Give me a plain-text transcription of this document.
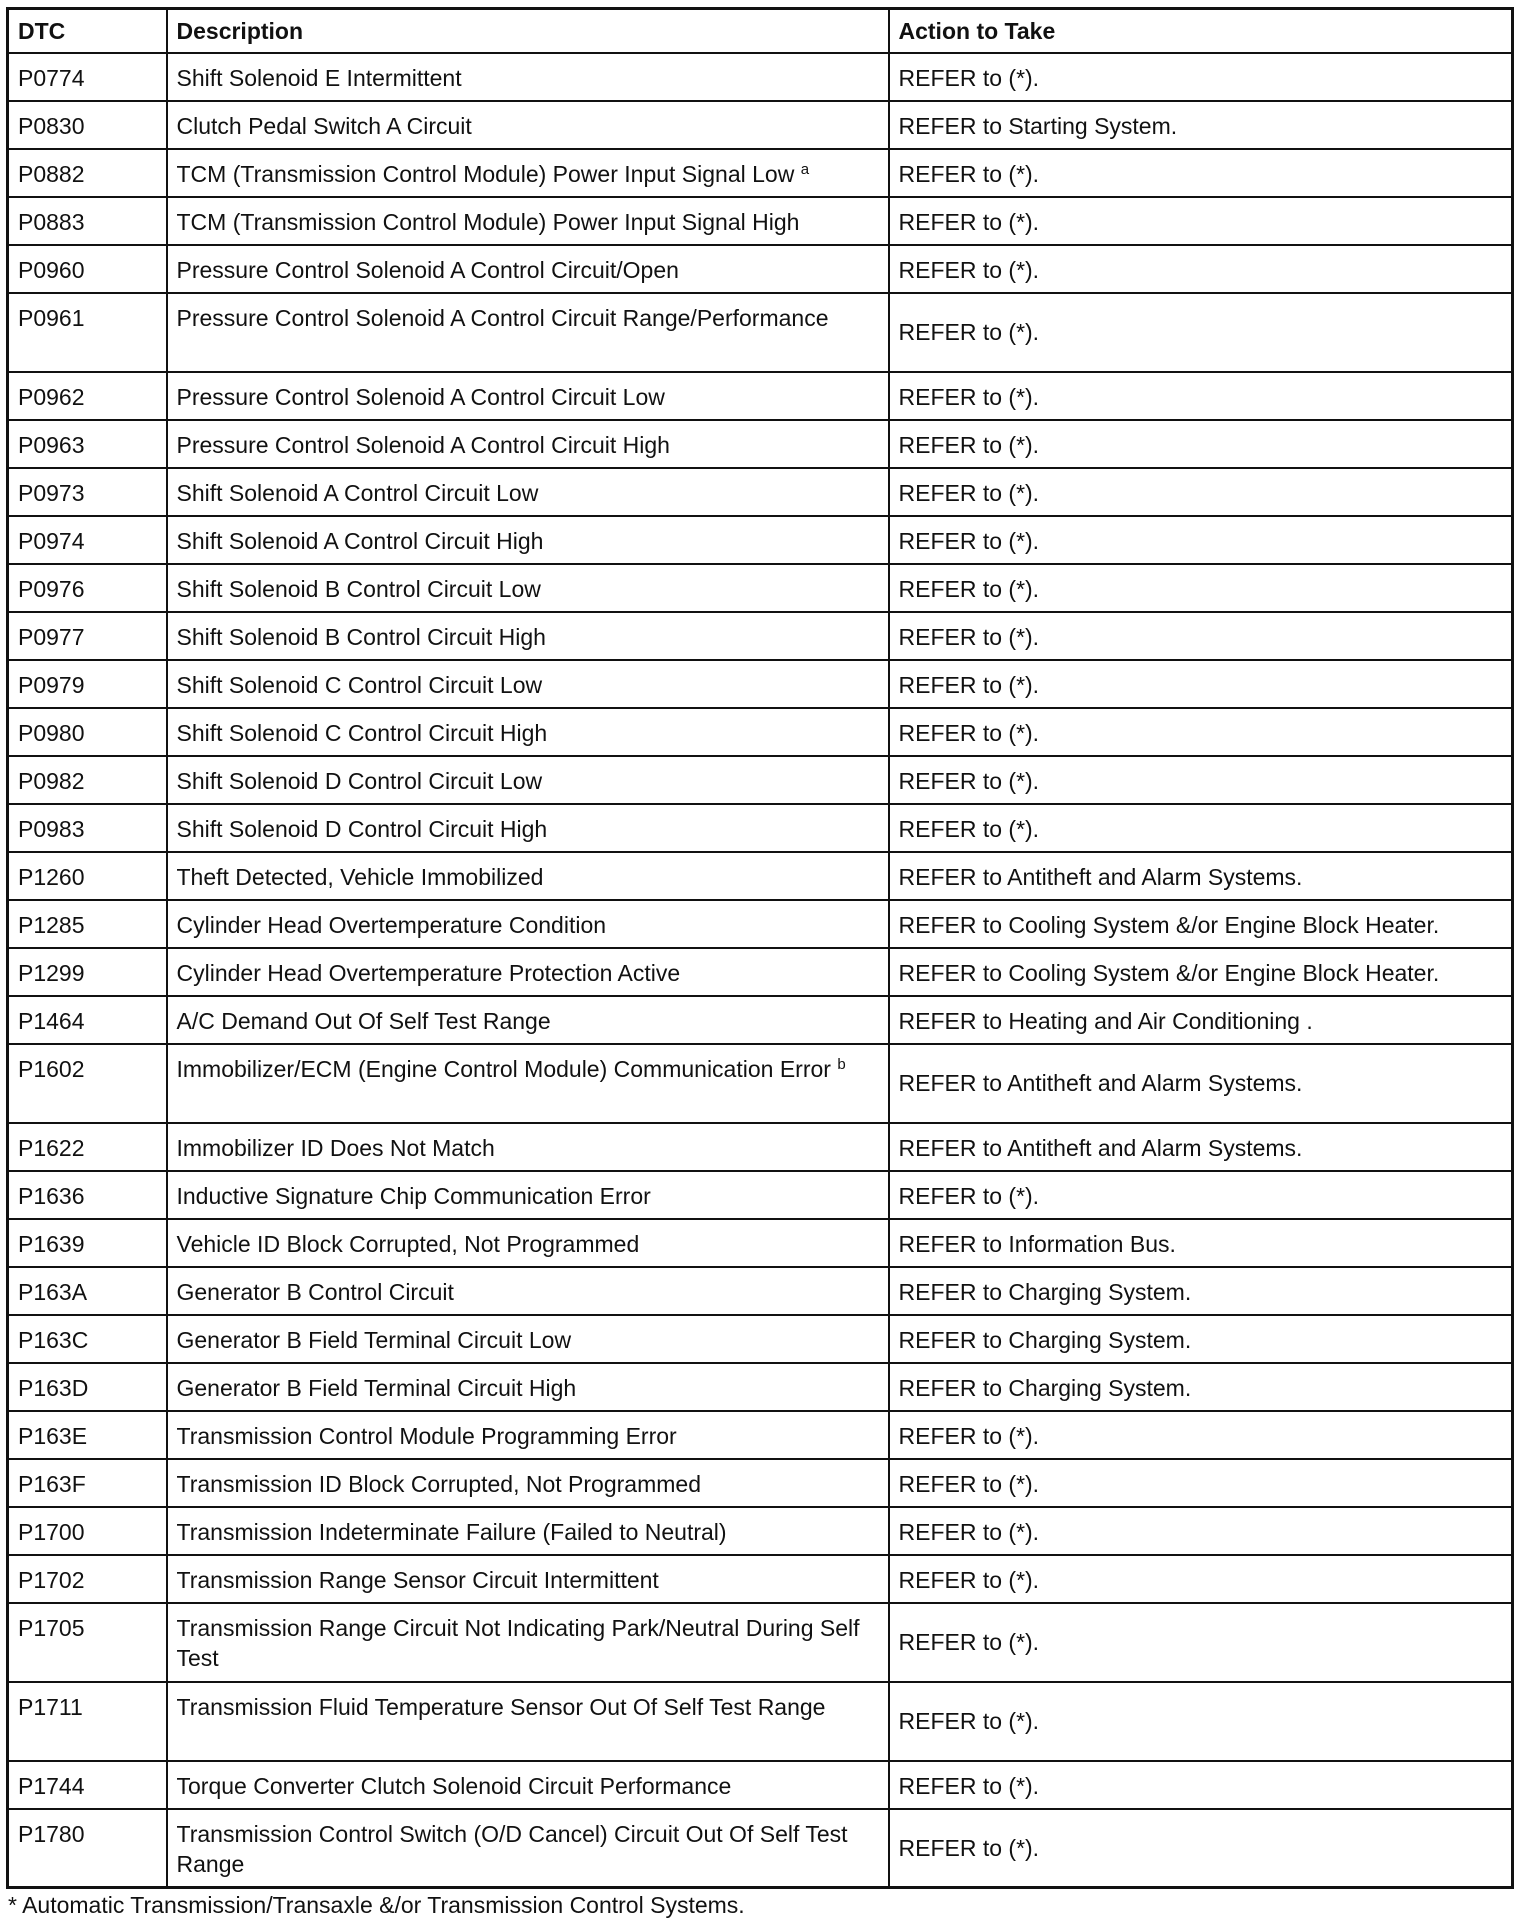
DTC	Description	Action to Take
P0774	Shift Solenoid E Intermittent	REFER to (*).
P0830	Clutch Pedal Switch A Circuit	REFER to Starting System.
P0882	TCM (Transmission Control Module) Power Input Signal Low $^a$	REFER to (*).
P0883	TCM (Transmission Control Module) Power Input Signal High	REFER to (*).
P0960	Pressure Control Solenoid A Control Circuit/Open	REFER to (*).
P0961	Pressure Control Solenoid A Control Circuit Range/Performance	REFER to (*).
P0962	Pressure Control Solenoid A Control Circuit Low	REFER to (*).
P0963	Pressure Control Solenoid A Control Circuit High	REFER to (*).
P0973	Shift Solenoid A Control Circuit Low	REFER to (*).
P0974	Shift Solenoid A Control Circuit High	REFER to (*).
P0976	Shift Solenoid B Control Circuit Low	REFER to (*).
P0977	Shift Solenoid B Control Circuit High	REFER to (*).
P0979	Shift Solenoid C Control Circuit Low	REFER to (*).
P0980	Shift Solenoid C Control Circuit High	REFER to (*).
P0982	Shift Solenoid D Control Circuit Low	REFER to (*).
P0983	Shift Solenoid D Control Circuit High	REFER to (*).
P1260	Theft Detected, Vehicle Immobilized	REFER to Antitheft and Alarm Systems.
P1285	Cylinder Head Overtemperature Condition	REFER to Cooling System &/or Engine Block Heater.
P1299	Cylinder Head Overtemperature Protection Active	REFER to Cooling System &/or Engine Block Heater.
P1464	A/C Demand Out Of Self Test Range	REFER to Heating and Air Conditioning .
P1602	Immobilizer/ECM (Engine Control Module) Communication Error $^b$	REFER to Antitheft and Alarm Systems.
P1622	Immobilizer ID Does Not Match	REFER to Antitheft and Alarm Systems.
P1636	Inductive Signature Chip Communication Error	REFER to (*).
P1639	Vehicle ID Block Corrupted, Not Programmed	REFER to Information Bus.
P163A	Generator B Control Circuit	REFER to Charging System.
P163C	Generator B Field Terminal Circuit Low	REFER to Charging System.
P163D	Generator B Field Terminal Circuit High	REFER to Charging System.
P163E	Transmission Control Module Programming Error	REFER to (*).
P163F	Transmission ID Block Corrupted, Not Programmed	REFER to (*).
P1700	Transmission Indeterminate Failure (Failed to Neutral)	REFER to (*).
P1702	Transmission Range Sensor Circuit Intermittent	REFER to (*).
P1705	Transmission Range Circuit Not Indicating Park/Neutral During Self Test	REFER to (*).
P1711	Transmission Fluid Temperature Sensor Out Of Self Test Range	REFER to (*).
P1744	Torque Converter Clutch Solenoid Circuit Performance	REFER to (*).
P1780	Transmission Control Switch (O/D Cancel) Circuit Out Of Self Test Range	REFER to (*).
* Automatic Transmission/Transaxle &/or Transmission Control Systems.
